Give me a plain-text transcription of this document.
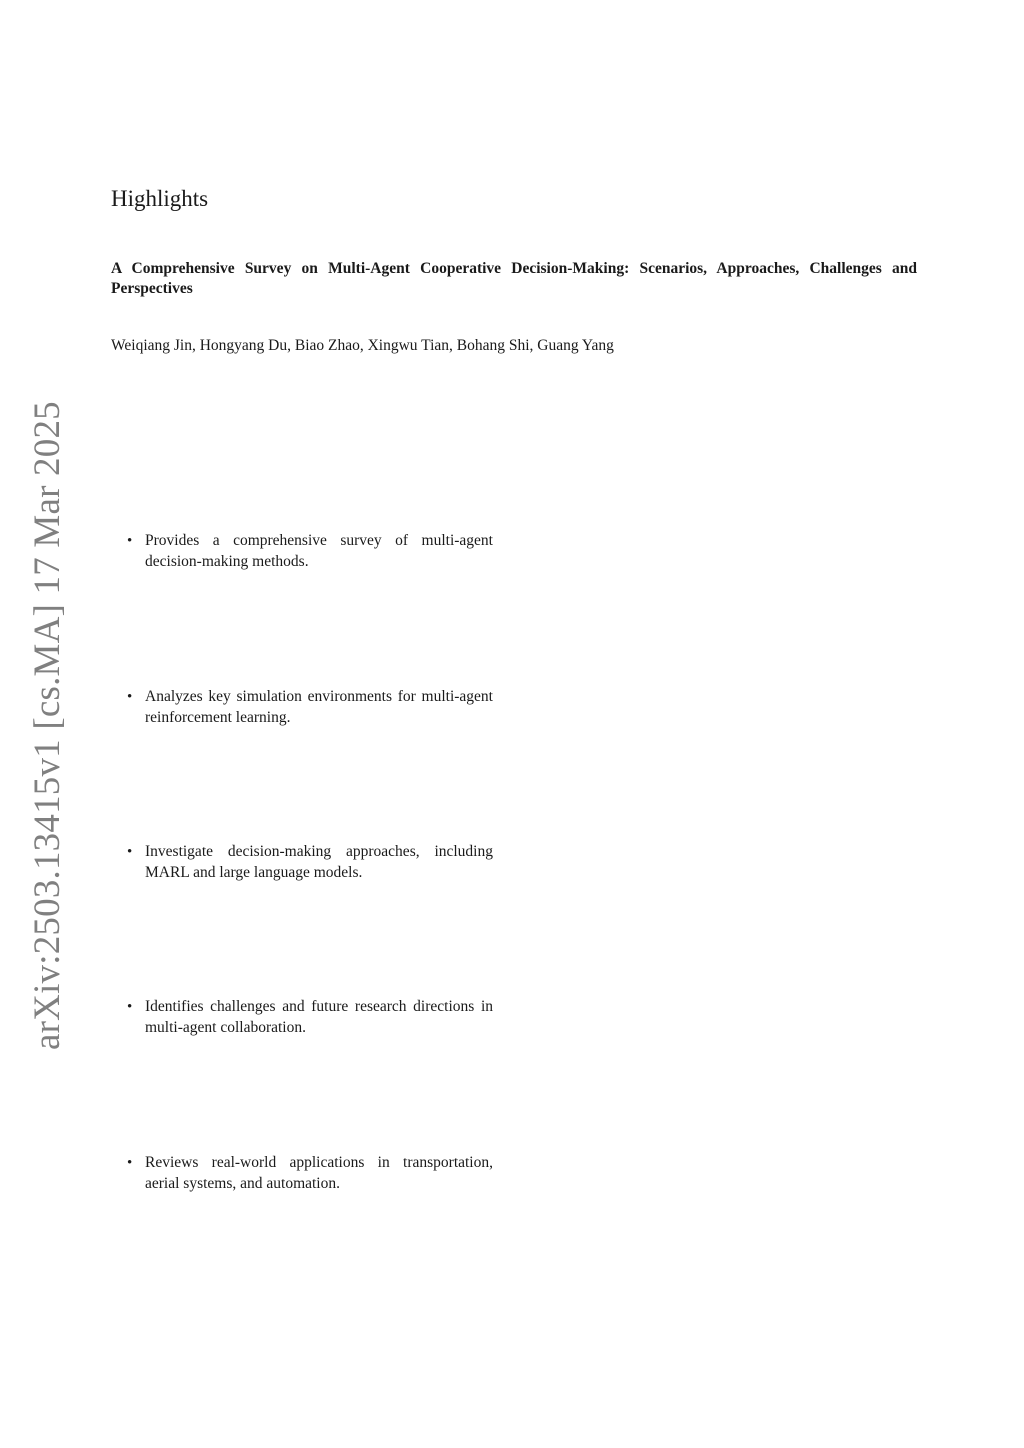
arXiv:2503.13415v1 [cs.MA] 17 Mar 2025
Highlights

A Comprehensive Survey on Multi-Agent Cooperative Decision-Making: Scenarios, Approaches, Challenges and Perspectives

Weiqiang Jin, Hongyang Du, Biao Zhao, Xingwu Tian, Bohang Shi, Guang Yang

• Provides a comprehensive survey of multi-agent decision-making methods.
• Analyzes key simulation environments for multi-agent reinforcement learning.
• Investigate decision-making approaches, including MARL and large language models.
• Identifies challenges and future research directions in multi-agent collaboration.
• Reviews real-world applications in transportation, aerial systems, and automation.
